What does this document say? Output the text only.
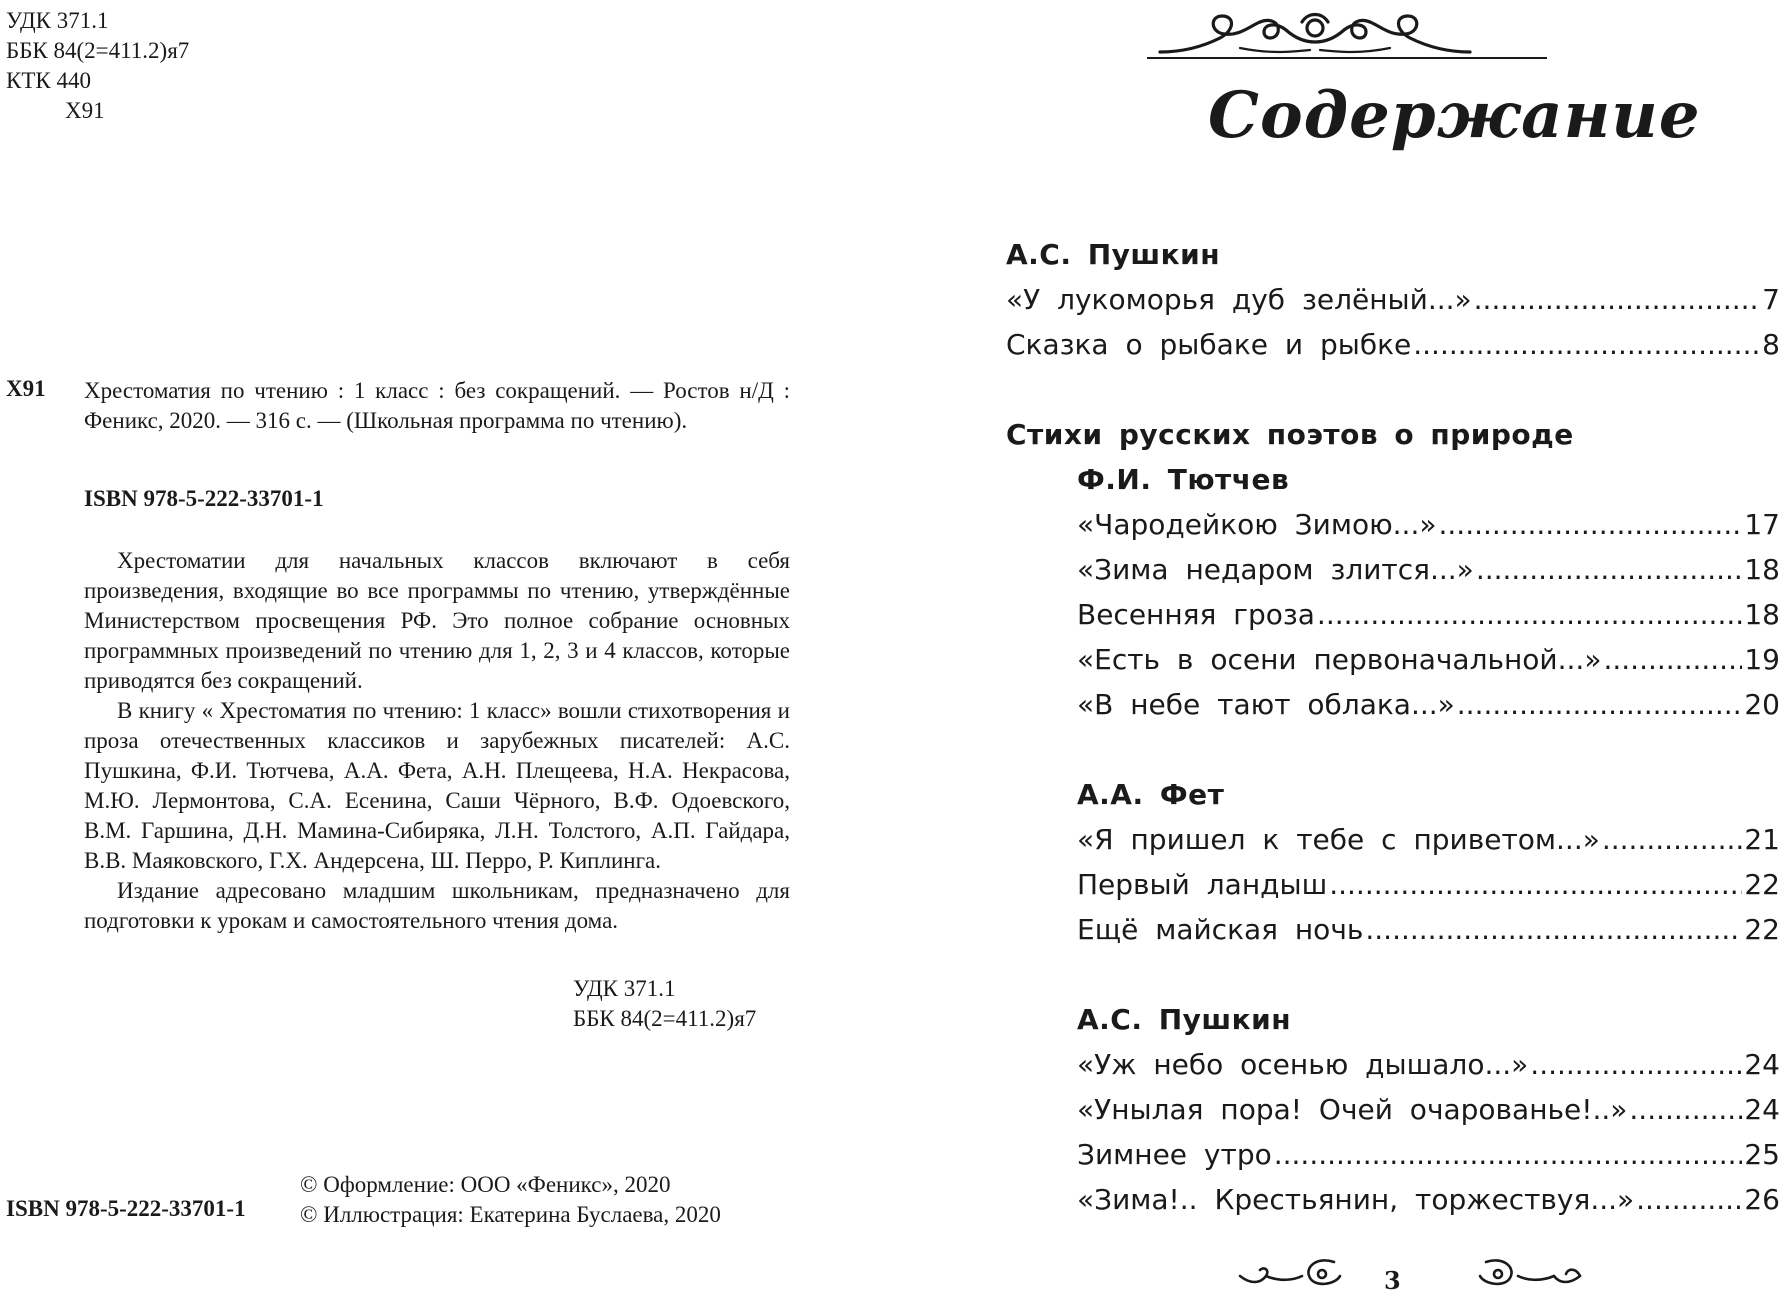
УДК 371.1
ББК 84(2=411.2)я7
КТК 440
Х91
Х91 Хрестоматия по чтению : 1 класс : без сокращений. — Ростов н/Д : Феникс, 2020. — 316 с. — (Школьная программа по чтению).
ISBN 978-5-222-33701-1

Хрестоматии для начальных классов включают в себя произведения, входящие во все программы по чтению, утверждённые Министерством просвещения РФ. Это полное собрание основных программных произведений по чтению для 1, 2, 3 и 4 классов, которые приводятся без сокращений.

В книгу « Хрестоматия по чтению: 1 класс» вошли стихотворения и проза отечественных классиков и зарубежных писателей: А.С. Пушкина, Ф.И. Тютчева, А.А. Фета, А.Н. Плещеева, Н.А. Некрасова, М.Ю. Лермонтова, С.А. Есенина, Саши Чёрного, В.Ф. Одоевского, В.М. Гаршина, Д.Н. Мамина-Сибиряка, Л.Н. Толстого, А.П. Гайдара, В.В. Маяковского, Г.Х. Андерсена, Ш. Перро, Р. Киплинга.

Издание адресовано младшим школьникам, предназначено для подготовки к урокам и самостоятельного чтения дома.

УДК 371.1
ББК 84(2=411.2)я7
ISBN 978-5-222-33701-1
© Оформление: ООО «Феникс», 2020
© Иллюстрация: Екатерина Буслаева, 2020
Содержание
А.С. Пушкин
«У лукоморья дуб зелёный...» .....	7
Сказка о рыбаке и рыбке .....	8
Стихи русских поэтов о природе
Ф.И. Тютчев
«Чародейкою Зимою...» .....	17
«Зима недаром злится...» .....	18
Весенняя гроза .....	18
«Есть в осени первоначальной...» .....	19
«В небе тают облака...» .....	20
А.А. Фет
«Я пришел к тебе с приветом...» .....	21
Первый ландыш .....	22
Ещё майская ночь .....	22
А.С. Пушкин
«Уж небо осенью дышало...» .....	24
«Унылая пора! Очей очарованье!..» .....	24
Зимнее утро .....	25
«Зима!.. Крестьянин, торжествуя...» .....	26
3
